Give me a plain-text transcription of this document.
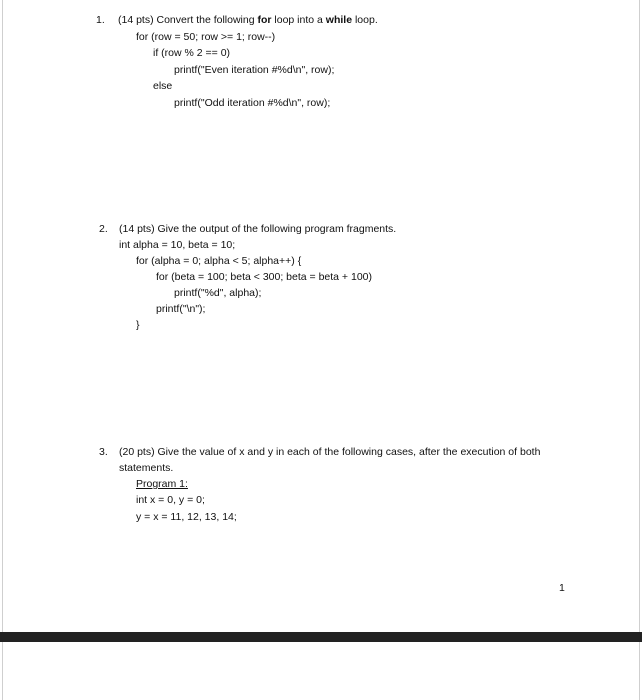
1. (14 pts) Convert the following for loop into a while loop.
for (row = 50; row >= 1; row--)
if (row % 2 == 0)
printf("Even iteration #%d\n", row);
else
printf("Odd iteration #%d\n", row);
2. (14 pts) Give the output of the following program fragments.
int alpha = 10, beta = 10;
for (alpha = 0; alpha < 5; alpha++) {
for (beta = 100; beta < 300; beta = beta + 100)
printf("%d", alpha);
printf("\n");
}
3. (20 pts) Give the value of x and y in each of the following cases, after the execution of both
statements.
Program 1:
int x = 0, y = 0;
y = x = 11, 12, 13, 14;
1
